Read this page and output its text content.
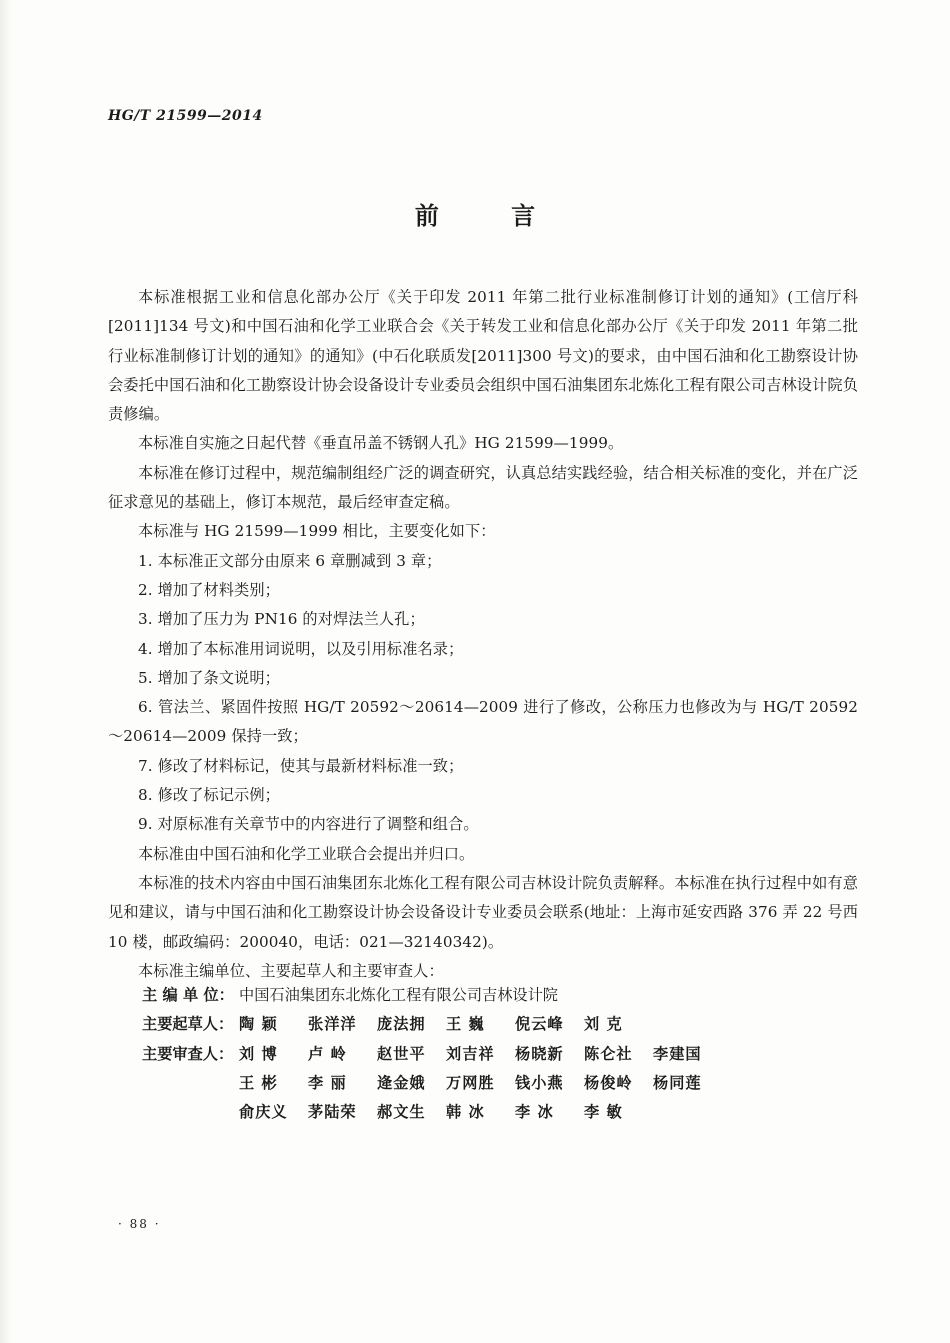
HG/T 21599—2014
前 言

本标准根据工业和信息化部办公厅《关于印发 2011 年第二批行业标准制修订计划的通知》(工信厅科[2011]134 号文)和中国石油和化学工业联合会《关于转发工业和信息化部办公厅《关于印发 2011 年第二批行业标准制修订计划的通知》的通知》(中石化联质发[2011]300 号文)的要求，由中国石油和化工勘察设计协会委托中国石油和化工勘察设计协会设备设计专业委员会组织中国石油集团东北炼化工程有限公司吉林设计院负责修编。

本标准自实施之日起代替《垂直吊盖不锈钢人孔》HG 21599—1999。

本标准在修订过程中，规范编制组经广泛的调查研究，认真总结实践经验，结合相关标准的变化，并在广泛征求意见的基础上，修订本规范，最后经审查定稿。

本标准与 HG 21599—1999 相比，主要变化如下：

1. 本标准正文部分由原来 6 章删减到 3 章；

2. 增加了材料类别；

3. 增加了压力为 PN16 的对焊法兰人孔；

4. 增加了本标准用词说明，以及引用标准名录；

5. 增加了条文说明；

6. 管法兰、紧固件按照 HG/T 20592～20614—2009 进行了修改，公称压力也修改为与 HG/T 20592～20614—2009 保持一致；

7. 修改了材料标记，使其与最新材料标准一致；

8. 修改了标记示例；

9. 对原标准有关章节中的内容进行了调整和组合。

本标准由中国石油和化学工业联合会提出并归口。

本标准的技术内容由中国石油集团东北炼化工程有限公司吉林设计院负责解释。本标准在执行过程中如有意见和建议，请与中国石油和化工勘察设计协会设备设计专业委员会联系(地址：上海市延安西路 376 弄 22 号西 10 楼，邮政编码：200040，电话：021—32140342)。

本标准主编单位、主要起草人和主要审查人：

主 编 单 位： 中国石油集团东北炼化工程有限公司吉林设计院
主要起草人： 陶 颖	张洋洋	庞法拥	王 巍	倪云峰	刘 克
主要审查人： 刘 博	卢 岭	赵世平	刘吉祥	杨晓新	陈仑社	李建国
王 彬	李 丽	逄金娥	万网胜	钱小燕	杨俊岭	杨同莲
俞庆义	茅陆荣	郝文生	韩 冰	李 冰	李 敏
· 88 ·
